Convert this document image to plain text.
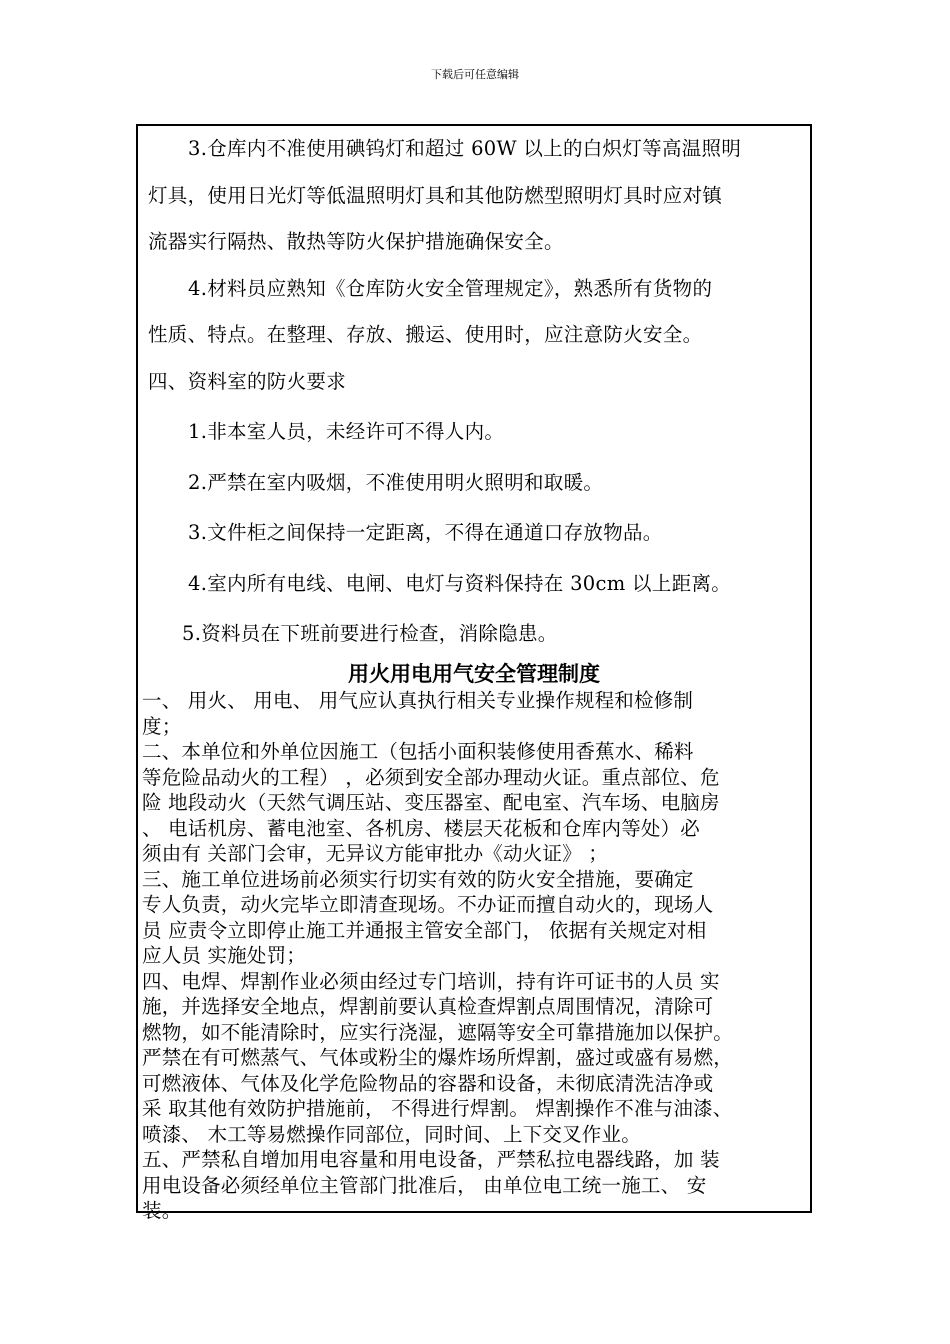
下载后可任意编辑

3.仓库内不准使用碘钨灯和超过 60W 以上的白炽灯等高温照明

灯具，使用日光灯等低温照明灯具和其他防燃型照明灯具时应对镇

流器实行隔热、散热等防火保护措施确保安全。

4.材料员应熟知《仓库防火安全管理规定》，熟悉所有货物的

性质、特点。在整理、存放、搬运、使用时，应注意防火安全。

四、资料室的防火要求

1.非本室人员，未经许可不得人内。

2.严禁在室内吸烟，不准使用明火照明和取暖。

3.文件柜之间保持一定距离，不得在通道口存放物品。

4.室内所有电线、电闸、电灯与资料保持在 30cm 以上距离。

5.资料员在下班前要进行检查，消除隐患。

用火用电用气安全管理制度
一、 用火、 用电、 用气应认真执行相关专业操作规程和检修制
度；
二、本单位和外单位因施工（包括小面积装修使用香蕉水、稀料
等危险品动火的工程） ，必须到安全部办理动火证。重点部位、危
险 地段动火（天然气调压站、变压器室、配电室、汽车场、电脑房
、 电话机房、蓄电池室、各机房、楼层天花板和仓库内等处）必
须由有 关部门会审，无异议方能审批办《动火证》 ；
三、施工单位进场前必须实行切实有效的防火安全措施，要确定
专人负责，动火完毕立即清查现场。不办证而擅自动火的，现场人
员 应责令立即停止施工并通报主管安全部门， 依据有关规定对相
应人员 实施处罚；
四、电焊、焊割作业必须由经过专门培训，持有许可证书的人员 实
施，并选择安全地点，焊割前要认真检查焊割点周围情况，清除可
燃物，如不能清除时，应实行浇湿，遮隔等安全可靠措施加以保护。
严禁在有可燃蒸气、气体或粉尘的爆炸场所焊割，盛过或盛有易燃，
可燃液体、气体及化学危险物品的容器和设备，未彻底清洗洁净或
采 取其他有效防护措施前， 不得进行焊割。 焊割操作不准与油漆、
喷漆、 木工等易燃操作同部位，同时间、上下交叉作业。
五、严禁私自增加用电容量和用电设备，严禁私拉电器线路，加 装
用电设备必须经单位主管部门批准后， 由单位电工统一施工、 安
装。
